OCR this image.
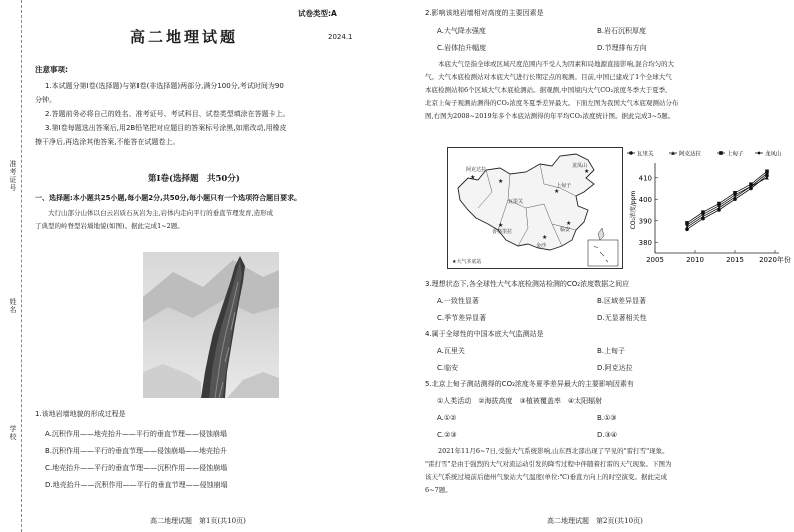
准考证号
姓名
学校
试卷类型:A
高二地理试题	2024.1
注意事项:
1.本试题分第Ⅰ卷(选择题)与第Ⅱ卷(非选择题)两部分,满分100分,考试时间为90
分钟。
2.答题前务必将自己的姓名、准考证号、考试科目、试卷类型填涂在答题卡上。
3.第Ⅰ卷每题选出答案后,用2B铅笔把对应题目的答案标号涂黑,如需改动,用橡皮
擦干净后,再选涂其他答案,不能答在试题卷上。
第Ⅰ卷(选择题　共50分)
一、选择题:本小题共25小题,每小题2分,共50分,每小题只有一个选项符合题目要求。
大行山部分山体以白云岩质石灰岩为主,岩体内走向平行的垂直节理发育,造形成
了典型的岭脊型岩墙地貌(如图)。据此完成1~2题。
1.该地岩墙地貌的形成过程是
A.沉积作用——地壳抬升——平行的垂直节理——侵蚀崩塌
B.沉积作用——平行的垂直节理——侵蚀崩塌——地壳抬升
C.地壳抬升——平行的垂直节理——沉积作用——侵蚀崩塌
D.地壳抬升——沉积作用——平行的垂直节理——侵蚀崩塌
高二地理试题　第1页(共10页)
2.影响该地岩墙相对高度的主要因素是
A.大气降水强度	B.岩石沉积厚度
C.岩体抬升幅度	D.节理排布方向
本底大气是指全球或区域尺度范围内不受人为因素和局地源直接影响,混合均匀的大
气。大气本底检测站对本底大气进行长期定点的观测。目前,中国已建成了1个全球大气
本底检测站和6个区域大气本底检测站。据观测,中国境内大气CO₂浓度冬季大于夏季,
北京上甸子观测站测得的CO₂浓度冬夏季差异最大。下面左图为我国大气本底观测站分布
图,右图为2008~2019年多个本底站测得的年平均CO₂浓度统计图。据此完成3~5题。
阿克达拉
瓦里关
上甸子
龙凤山
临安
香格里拉
金沙
★
★
★
★
★
★
★
★大气本底站
380
390
400
410
2005	2010	2015 2020年份
CO₂浓度/ppm
瓦里关	阿克达拉	上甸子	龙凤山
3.理想状态下,各全球性大气本底检测站检测的CO₂浓度数据之间应
A.一致性显著	B.区域差异显著
C.季节差异显著	D.无显著相关性
4.属于全球性的中国本底大气监测站是
A.瓦里关	B.上甸子
C.临安	D.阿克达拉
5.北京上甸子测站测得的CO₂浓度冬夏季差异最大的主要影响因素有
①人类活动　②海拔高度　③植被覆盖率　④太阳辐射
A.①②	B.①③
C.②③	D.③④
2021年11月6~7日,受强大气系统影响,山东西北部出现了罕见的"雷打雪"现象。
"雷打雪"是由于强烈的大气对流运动引发的降雪过程中伴随着打雷的天气现象。下图为
该天气系统过境前后德州气象站大气温度(单位:℃)垂直方向上的时空演变。据此完成
6~7题。
高二地理试题　第2页(共10页)
